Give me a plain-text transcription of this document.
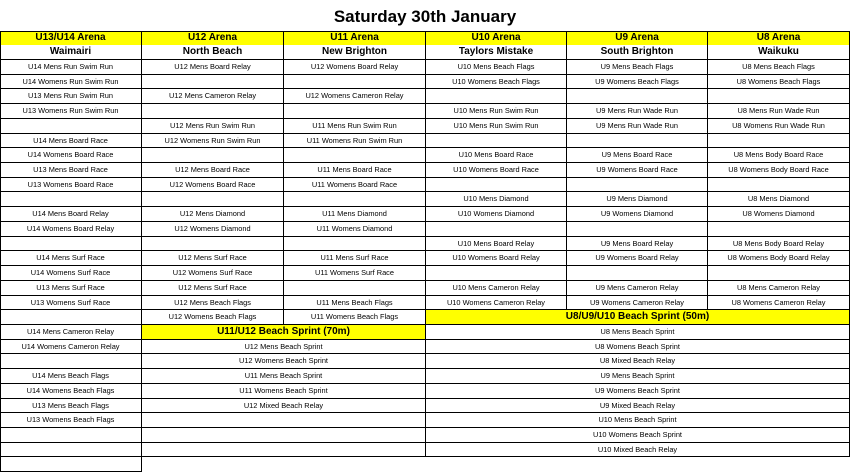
Saturday 30th January
U13/U14 Arena
Waimairi
U14 Mens Run Swim Run
U14 Womens Run Swim Run
U13 Mens Run Swim Run
U13 Womens Run Swim Run
U14 Mens Board Race
U14 Womens Board Race
U13 Mens Board Race
U13 Womens Board Race
U14 Mens Board Relay
U14 Womens Board Relay
U14 Mens Surf Race
U14 Womens Surf Race
U13 Mens Surf Race
U13 Womens Surf Race
U14 Mens Cameron Relay
U14 Womens Cameron Relay
U14 Mens Beach Flags
U14 Womens Beach Flags
U13 Mens Beach Flags
U13 Womens Beach Flags
U12 Arena
North Beach
U12 Mens Board Relay
U12 Mens Cameron Relay
U12 Mens Run Swim Run
U12 Womens Run Swim Run
U12 Mens Board Race
U12 Womens Board Race
U12 Mens Diamond
U12 Womens Diamond
U12 Mens Surf Race
U12 Womens Surf Race
U12 Mens Surf Race
U12 Mens Beach Flags
U12 Womens Beach Flags
U11 Arena
New Brighton
U12 Womens Board Relay
U12 Womens Cameron Relay
U11 Mens Run Swim Run
U11 Womens Run Swim Run
U11 Mens Board Race
U11 Womens Board Race
U11 Mens Diamond
U11 Womens Diamond
U11 Mens Surf Race
U11 Womens Surf Race
U11 Mens Beach Flags
U11 Womens Beach Flags
U10 Arena
Taylors Mistake
U10 Mens Beach Flags
U10 Womens Beach Flags
U10 Mens Run Swim Run
U10 Mens Run Swim Run
U10 Mens Board Race
U10 Womens Board Race
U10 Mens Diamond
U10 Womens Diamond
U10 Mens Board Relay
U10 Womens Board Relay
U10 Mens Cameron Relay
U10 Womens Cameron Relay
U9 Arena
South Brighton
U9 Mens Beach Flags
U9 Womens Beach Flags
U9 Mens Run Wade Run
U9 Mens Run Wade Run
U9 Mens Board Race
U9 Womens Board Race
U9 Mens Diamond
U9 Womens Diamond
U9 Mens Board Relay
U9 Womens Board Relay
U9 Mens Cameron Relay
U9 Womens Cameron Relay
U8 Arena
Waikuku
U8 Mens Beach Flags
U8 Womens Beach Flags
U8 Mens Run Wade Run
U8 Womens Run Wade Run
U8 Mens Body Board Race
U8 Womens Body Board Race
U8 Mens Diamond
U8 Womens Diamond
U8 Mens Body Board Relay
U8 Womens Body Board Relay
U8 Mens Cameron Relay
U8 Womens Cameron Relay
U8/U9/U10 Beach Sprint (50m)
U8 Mens Beach Sprint
U8 Womens Beach Sprint
U8 Mixed Beach Relay
U9 Mens Beach Sprint
U9 Womens Beach Sprint
U9 Mixed Beach Relay
U10 Mens Beach Sprint
U10 Womens Beach Sprint
U10 Mixed Beach Relay
U11/U12 Beach Sprint (70m)
U12 Mens Beach Sprint
U12 Womens Beach Sprint
U11 Mens Beach Sprint
U11 Womens Beach Sprint
U12 Mixed Beach Relay
